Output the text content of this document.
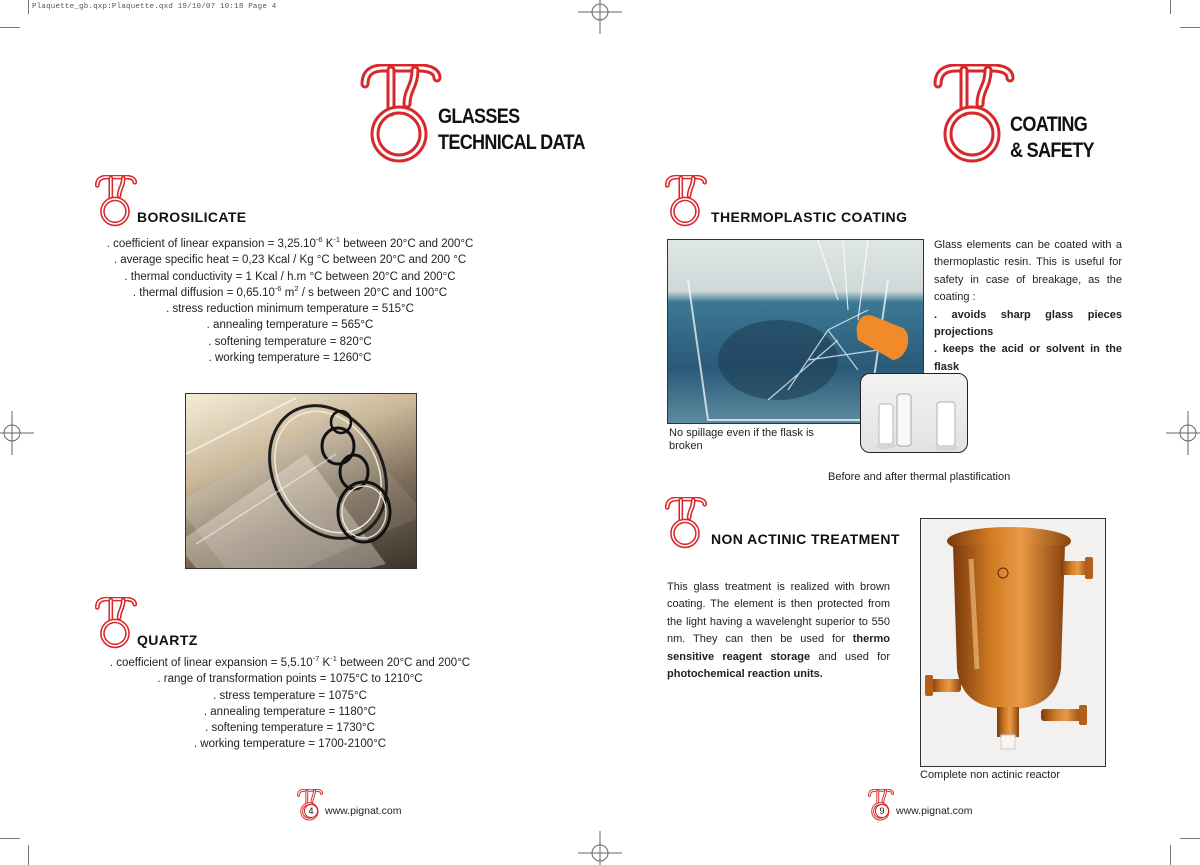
Plaquette_gb.qxp:Plaquette.qxd 19/10/07 10:18 Page 4
GLASSES
TECHNICAL DATA
BOROSILICATE
. coefficient of linear expansion = $3,25.10^{-6}$ $K^{-1}$ between 20°C and 200°C
. average specific heat = 0,23 Kcal / Kg °C between 20°C and 200 °C
. thermal conductivity = 1 Kcal / h.m °C between 20°C and 200°C
. thermal diffusion = $0,65.10^{-6}$ $m^2$ / s between 20°C and 100°C
. stress reduction minimum temperature = 515°C
. annealing temperature = 565°C
. softening temperature = 820°C
. working temperature = 1260°C
QUARTZ
. coefficient of linear expansion = $5,5.10^{-7}$ $K^{-1}$ between 20°C and 200°C
. range of transformation points = 1075°C to 1210°C
. stress temperature = 1075°C
. annealing temperature = 1180°C
. softening temperature = 1730°C
. working temperature = 1700-2100°C
4	www.pignat.com
COATING
& SAFETY
THERMOPLASTIC COATING
Glass elements can be coated with a thermoplastic resin. This is useful for safety in case of breakage, as the coating :
. avoids sharp glass pieces projections
. keeps the acid or solvent in the flask
No spillage even if the flask is broken
Before and after thermal plastification
NON ACTINIC TREATMENT
This glass treatment is realized with brown coating. The element is then protected from the light having a wavelenght superior to 550 nm. They can then be used for thermo sensitive reagent storage and used for photochemical reaction units.
Complete non actinic reactor
9	www.pignat.com
